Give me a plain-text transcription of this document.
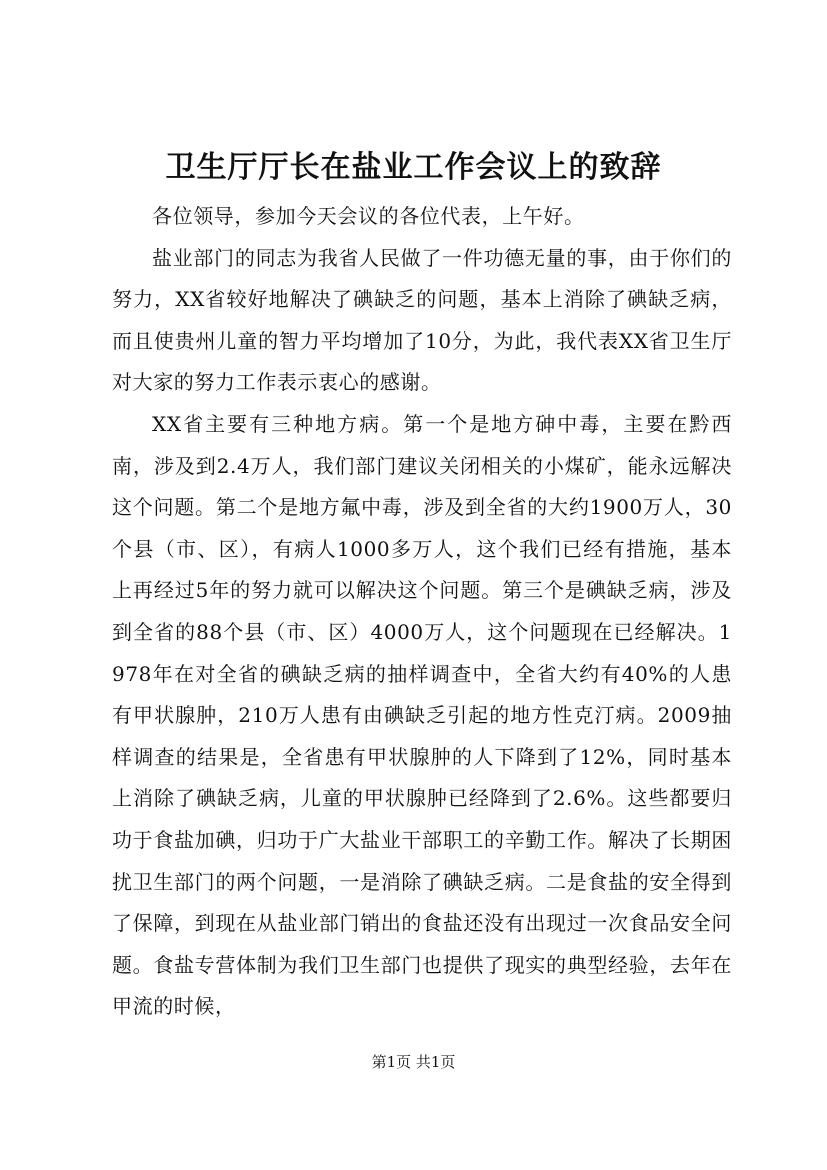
卫生厅厅长在盐业工作会议上的致辞

各位领导，参加今天会议的各位代表，上午好。

盐业部门的同志为我省人民做了一件功德无量的事，由于你们的努力，XX省较好地解决了碘缺乏的问题，基本上消除了碘缺乏病，而且使贵州儿童的智力平均增加了10分，为此，我代表XX省卫生厅对大家的努力工作表示衷心的感谢。

XX省主要有三种地方病。第一个是地方砷中毒，主要在黔西南，涉及到2.4万人，我们部门建议关闭相关的小煤矿，能永远解决这个问题。第二个是地方氟中毒，涉及到全省的大约1900万人，30个县（市、区），有病人1000多万人，这个我们已经有措施，基本上再经过5年的努力就可以解决这个问题。第三个是碘缺乏病，涉及到全省的88个县（市、区）4000万人，这个问题现在已经解决。1978年在对全省的碘缺乏病的抽样调查中，全省大约有40%的人患有甲状腺肿，210万人患有由碘缺乏引起的地方性克汀病。2009抽样调查的结果是，全省患有甲状腺肿的人下降到了12%，同时基本上消除了碘缺乏病，儿童的甲状腺肿已经降到了2.6%。这些都要归功于食盐加碘，归功于广大盐业干部职工的辛勤工作。解决了长期困扰卫生部门的两个问题，一是消除了碘缺乏病。二是食盐的安全得到了保障，到现在从盐业部门销出的食盐还没有出现过一次食品安全问题。食盐专营体制为我们卫生部门也提供了现实的典型经验，去年在甲流的时候，

第1页 共1页
